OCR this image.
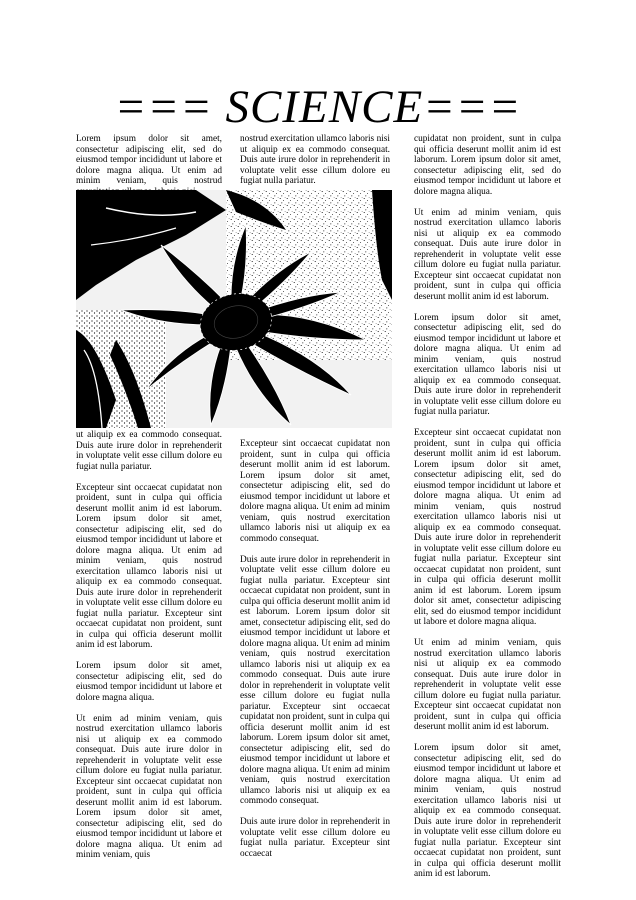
=== SCIENCE===

Lorem ipsum dolor sit amet, consectetur adipiscing elit, sed do eiusmod tempor incididunt ut labore et dolore magna aliqua. Ut enim ad minim veniam, quis nostrud

nostrud exercitation ullamco laboris nisi ut aliquip ex ea commodo consequat. Duis aute irure dolor in reprehenderit in voluptate velit esse cillum dolore eu fugiat nulla pariatur.

ut aliquip ex ea commodo consequat. Duis aute irure dolor in reprehenderit in voluptate velit esse cillum dolore eu fugiat nulla pariatur.

Excepteur sint occaecat cupidatat non proident, sunt in culpa qui officia deserunt mollit anim id est laborum. Lorem ipsum dolor sit amet, consectetur adipiscing elit, sed do eiusmod tempor incididunt ut labore et dolore magna aliqua. Ut enim ad minim veniam, quis nostrud exercitation ullamco laboris nisi ut aliquip ex ea commodo consequat. Duis aute irure dolor in reprehenderit in voluptate velit esse cillum dolore eu fugiat nulla pariatur. Excepteur sint occaecat cupidatat non proident, sunt in culpa qui officia deserunt mollit anim id est laborum.

Lorem ipsum dolor sit amet, consectetur adipiscing elit, sed do eiusmod tempor incididunt ut labore et dolore magna aliqua.

Ut enim ad minim veniam, quis nostrud exercitation ullamco laboris nisi ut aliquip ex ea commodo consequat. Duis aute irure dolor in reprehenderit in voluptate velit esse cillum dolore eu fugiat nulla pariatur. Excepteur sint occaecat cupidatat non proident, sunt in culpa qui officia deserunt mollit anim id est laborum. Lorem ipsum dolor sit amet, consectetur adipiscing elit, sed do eiusmod tempor incididunt ut labore et dolore magna aliqua. Ut enim ad minim veniam, quis

Excepteur sint occaecat cupidatat non proident, sunt in culpa qui officia deserunt mollit anim id est laborum. Lorem ipsum dolor sit amet, consectetur adipiscing elit, sed do eiusmod tempor incididunt ut labore et dolore magna aliqua. Ut enim ad minim veniam, quis nostrud exercitation ullamco laboris nisi ut aliquip ex ea commodo consequat.

Duis aute irure dolor in reprehenderit in voluptate velit esse cillum dolore eu fugiat nulla pariatur. Excepteur sint occaecat cupidatat non proident, sunt in culpa qui officia deserunt mollit anim id est laborum. Lorem ipsum dolor sit amet, consectetur adipiscing elit, sed do eiusmod tempor incididunt ut labore et dolore magna aliqua. Ut enim ad minim veniam, quis nostrud exercitation ullamco laboris nisi ut aliquip ex ea commodo consequat. Duis aute irure dolor in reprehenderit in voluptate velit esse cillum dolore eu fugiat nulla pariatur. Excepteur sint occaecat cupidatat non proident, sunt in culpa qui officia deserunt mollit anim id est laborum. Lorem ipsum dolor sit amet, consectetur adipiscing elit, sed do eiusmod tempor incididunt ut labore et dolore magna aliqua. Ut enim ad minim veniam, quis nostrud exercitation ullamco laboris nisi ut aliquip ex ea commodo consequat.

Duis aute irure dolor in reprehenderit in voluptate velit esse cillum dolore eu fugiat nulla pariatur. Excepteur sint occaecat

cupidatat non proident, sunt in culpa qui officia deserunt mollit anim id est laborum. Lorem ipsum dolor sit amet, consectetur adipiscing elit, sed do eiusmod tempor incididunt ut labore et dolore magna aliqua.

Ut enim ad minim veniam, quis nostrud exercitation ullamco laboris nisi ut aliquip ex ea commodo consequat. Duis aute irure dolor in reprehenderit in voluptate velit esse cillum dolore eu fugiat nulla pariatur. Excepteur sint occaecat cupidatat non proident, sunt in culpa qui officia deserunt mollit anim id est laborum.

Lorem ipsum dolor sit amet, consectetur adipiscing elit, sed do eiusmod tempor incididunt ut labore et dolore magna aliqua. Ut enim ad minim veniam, quis nostrud exercitation ullamco laboris nisi ut aliquip ex ea commodo consequat. Duis aute irure dolor in reprehenderit in voluptate velit esse cillum dolore eu fugiat nulla pariatur.

Excepteur sint occaecat cupidatat non proident, sunt in culpa qui officia deserunt mollit anim id est laborum. Lorem ipsum dolor sit amet, consectetur adipiscing elit, sed do eiusmod tempor incididunt ut labore et dolore magna aliqua. Ut enim ad minim veniam, quis nostrud exercitation ullamco laboris nisi ut aliquip ex ea commodo consequat. Duis aute irure dolor in reprehenderit in voluptate velit esse cillum dolore eu fugiat nulla pariatur. Excepteur sint occaecat cupidatat non proident, sunt in culpa qui officia deserunt mollit anim id est laborum. Lorem ipsum dolor sit amet, consectetur adipiscing elit, sed do eiusmod tempor incididunt ut labore et dolore magna aliqua.

Ut enim ad minim veniam, quis nostrud exercitation ullamco laboris nisi ut aliquip ex ea commodo consequat. Duis aute irure dolor in reprehenderit in voluptate velit esse cillum dolore eu fugiat nulla pariatur. Excepteur sint occaecat cupidatat non proident, sunt in culpa qui officia deserunt mollit anim id est laborum.

Lorem ipsum dolor sit amet, consectetur adipiscing elit, sed do eiusmod tempor incididunt ut labore et dolore magna aliqua. Ut enim ad minim veniam, quis nostrud exercitation ullamco laboris nisi ut aliquip ex ea commodo consequat. Duis aute irure dolor in reprehenderit in voluptate velit esse cillum dolore eu fugiat nulla pariatur. Excepteur sint occaecat cupidatat non proident, sunt in culpa qui officia deserunt mollit anim id est laborum.
